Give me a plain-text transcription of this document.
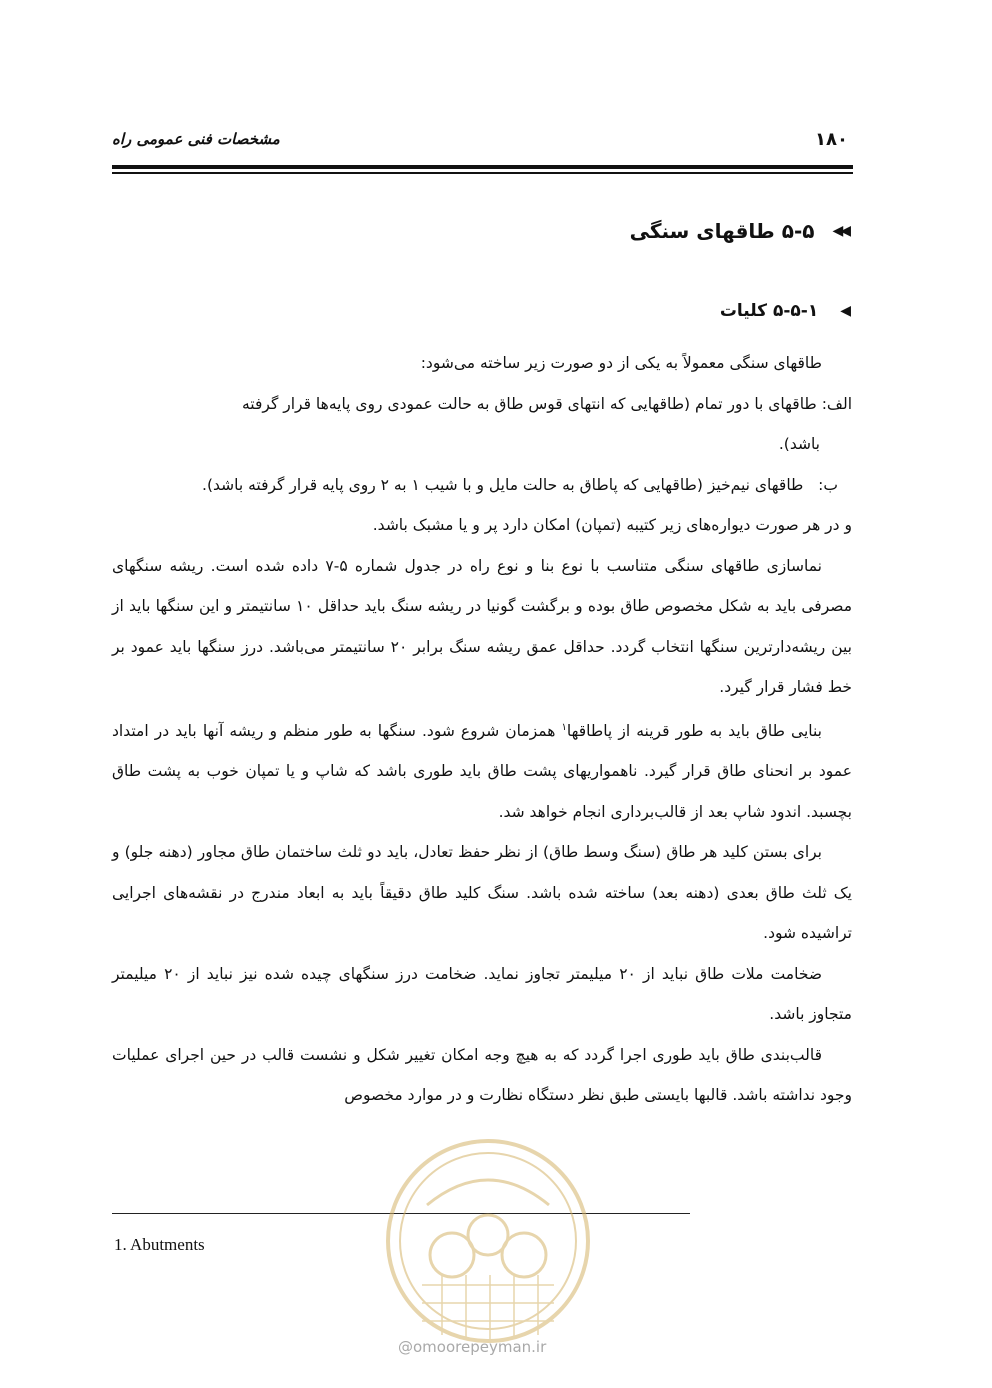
۱۸۰
مشخصات فنی عمومی راه
◀◀
۵-۵ طاقهای سنگی
◀
۵-۵-۱ کلیات

طاقهای سنگی معمولاً به یکی از دو صورت زیر ساخته می‌شود:

الف: طاقهای با دور تمام (طاقهایی که انتهای قوس طاق به حالت عمودی روی پایه‌ها قرار گرفته

باشد).

ب:   طاقهای نیم‌خیز (طاقهایی که پاطاق به حالت مایل و با شیب ۱ به ۲ روی پایه قرار گرفته باشد).

و در هر صورت دیواره‌های زیر کتیبه (تمپان) امکان دارد پر و یا مشبک باشد.

نماسازی طاقهای سنگی متناسب با نوع بنا و نوع راه در جدول شماره ۵-۷ داده شده است. ریشه سنگهای مصرفی باید به شکل مخصوص طاق بوده و برگشت گونیا در ریشه سنگ باید حداقل ۱۰ سانتیمتر و این سنگها باید از بین ریشه‌دارترین سنگها انتخاب گردد. حداقل عمق ریشه سنگ برابر ۲۰ سانتیمتر می‌باشد. درز سنگها باید عمود بر خط فشار قرار گیرد.

بنایی طاق باید به طور قرینه از پاطاقها$^۱$ همزمان شروع شود. سنگها به طور منظم و ریشه آنها باید در امتداد عمود بر انحنای طاق قرار گیرد. ناهمواریهای پشت طاق باید طوری باشد که شاپ و یا تمپان خوب به پشت طاق بچسبد. اندود شاپ بعد از قالب‌برداری انجام خواهد شد.

برای بستن کلید هر طاق (سنگ وسط طاق) از نظر حفظ تعادل، باید دو ثلث ساختمان طاق مجاور (دهنه جلو) و یک ثلث طاق بعدی (دهنه بعد) ساخته شده باشد. سنگ کلید طاق دقیقاً باید به ابعاد مندرج در نقشه‌های اجرایی تراشیده شود.

ضخامت ملات طاق نباید از ۲۰ میلیمتر تجاوز نماید. ضخامت درز سنگهای چیده شده نیز نباید از ۲۰ میلیمتر متجاوز باشد.

قالب‌بندی طاق باید طوری اجرا گردد که به هیچ وجه امکان تغییر شکل و نشست قالب در حین اجرای عملیات وجود نداشته باشد. قالبها بایستی طبق نظر دستگاه نظارت و در موارد مخصوص

1. Abutments
@omoorepeyman.ir
